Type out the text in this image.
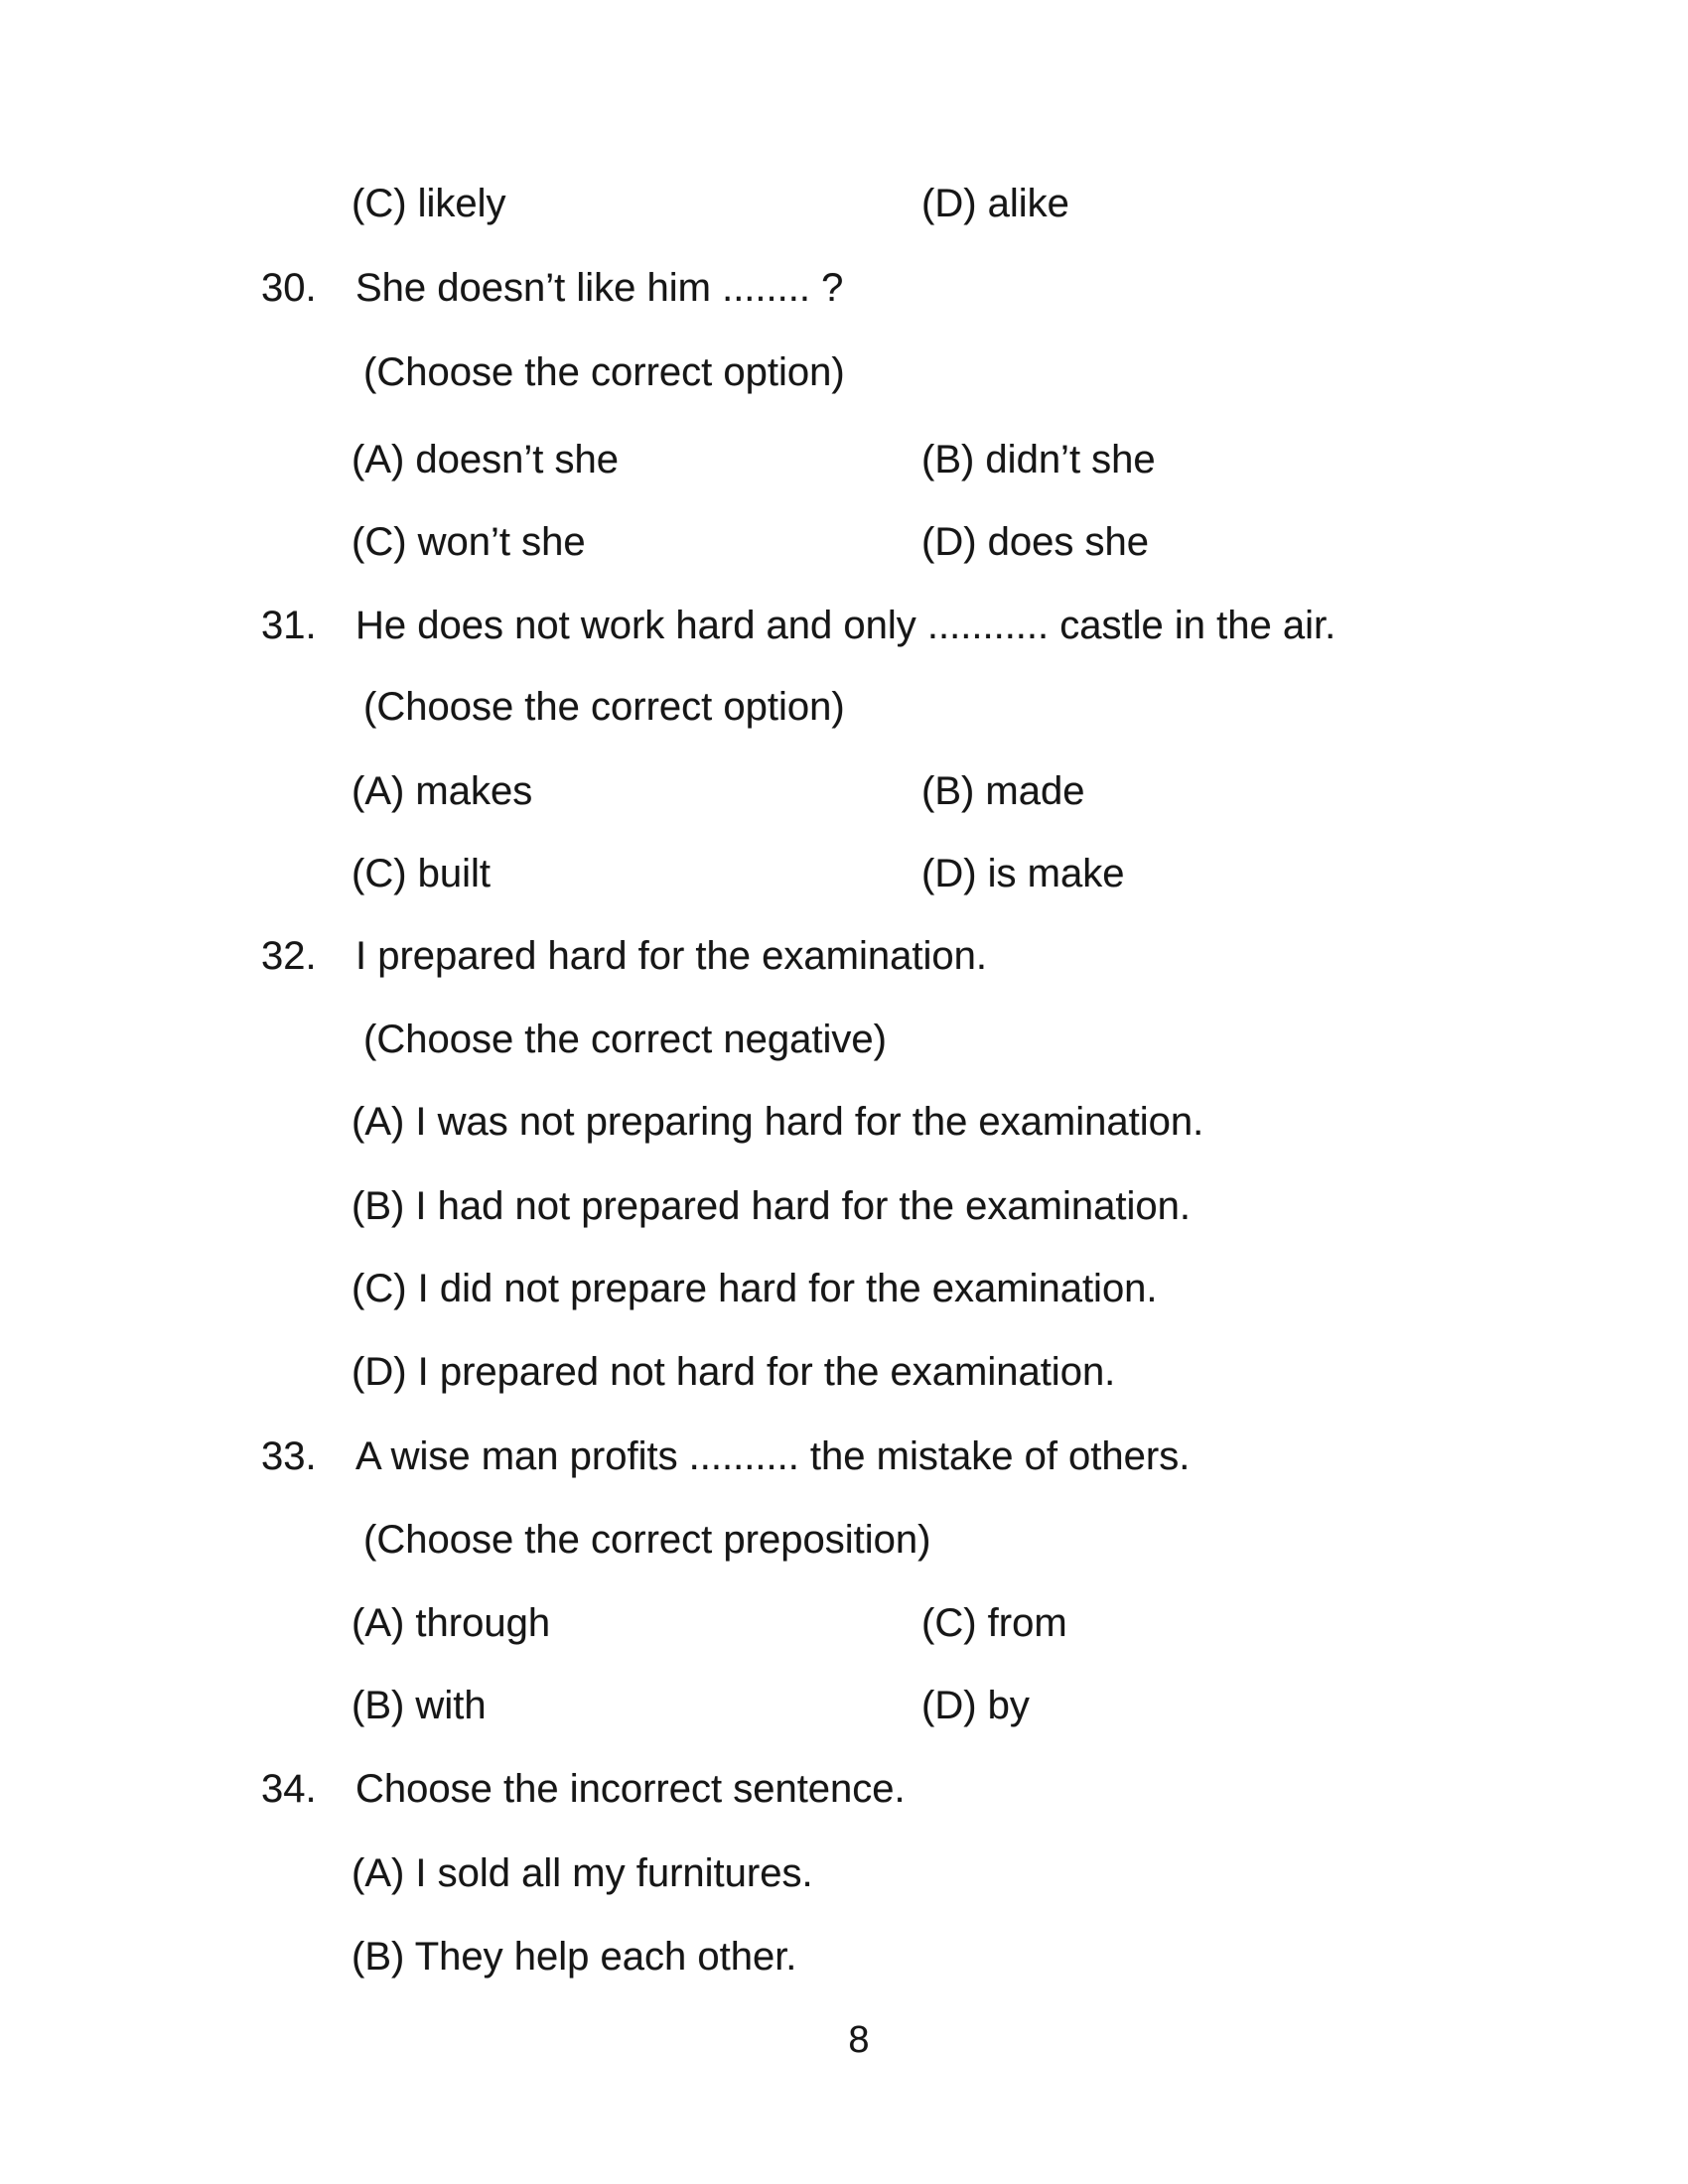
(C) likely	(D) alike
30. She doesn’t like him ........ ?
(Choose the correct option)
(A) doesn’t she	(B) didn’t she
(C) won’t she	(D) does she
31. He does not work hard and only ........... castle in the air.
(Choose the correct option)
(A) makes	(B) made
(C) built	(D) is make
32. I prepared hard for the examination.
(Choose the correct negative)
(A) I was not preparing hard for the examination.
(B) I had not prepared hard for the examination.
(C) I did not prepare hard for the examination.
(D) I prepared not hard for the examination.
33. A wise man profits .......... the mistake of others.
(Choose the correct preposition)
(A) through	(C) from
(B) with	(D) by
34. Choose the incorrect sentence.
(A) I sold all my furnitures.
(B) They help each other.
8
